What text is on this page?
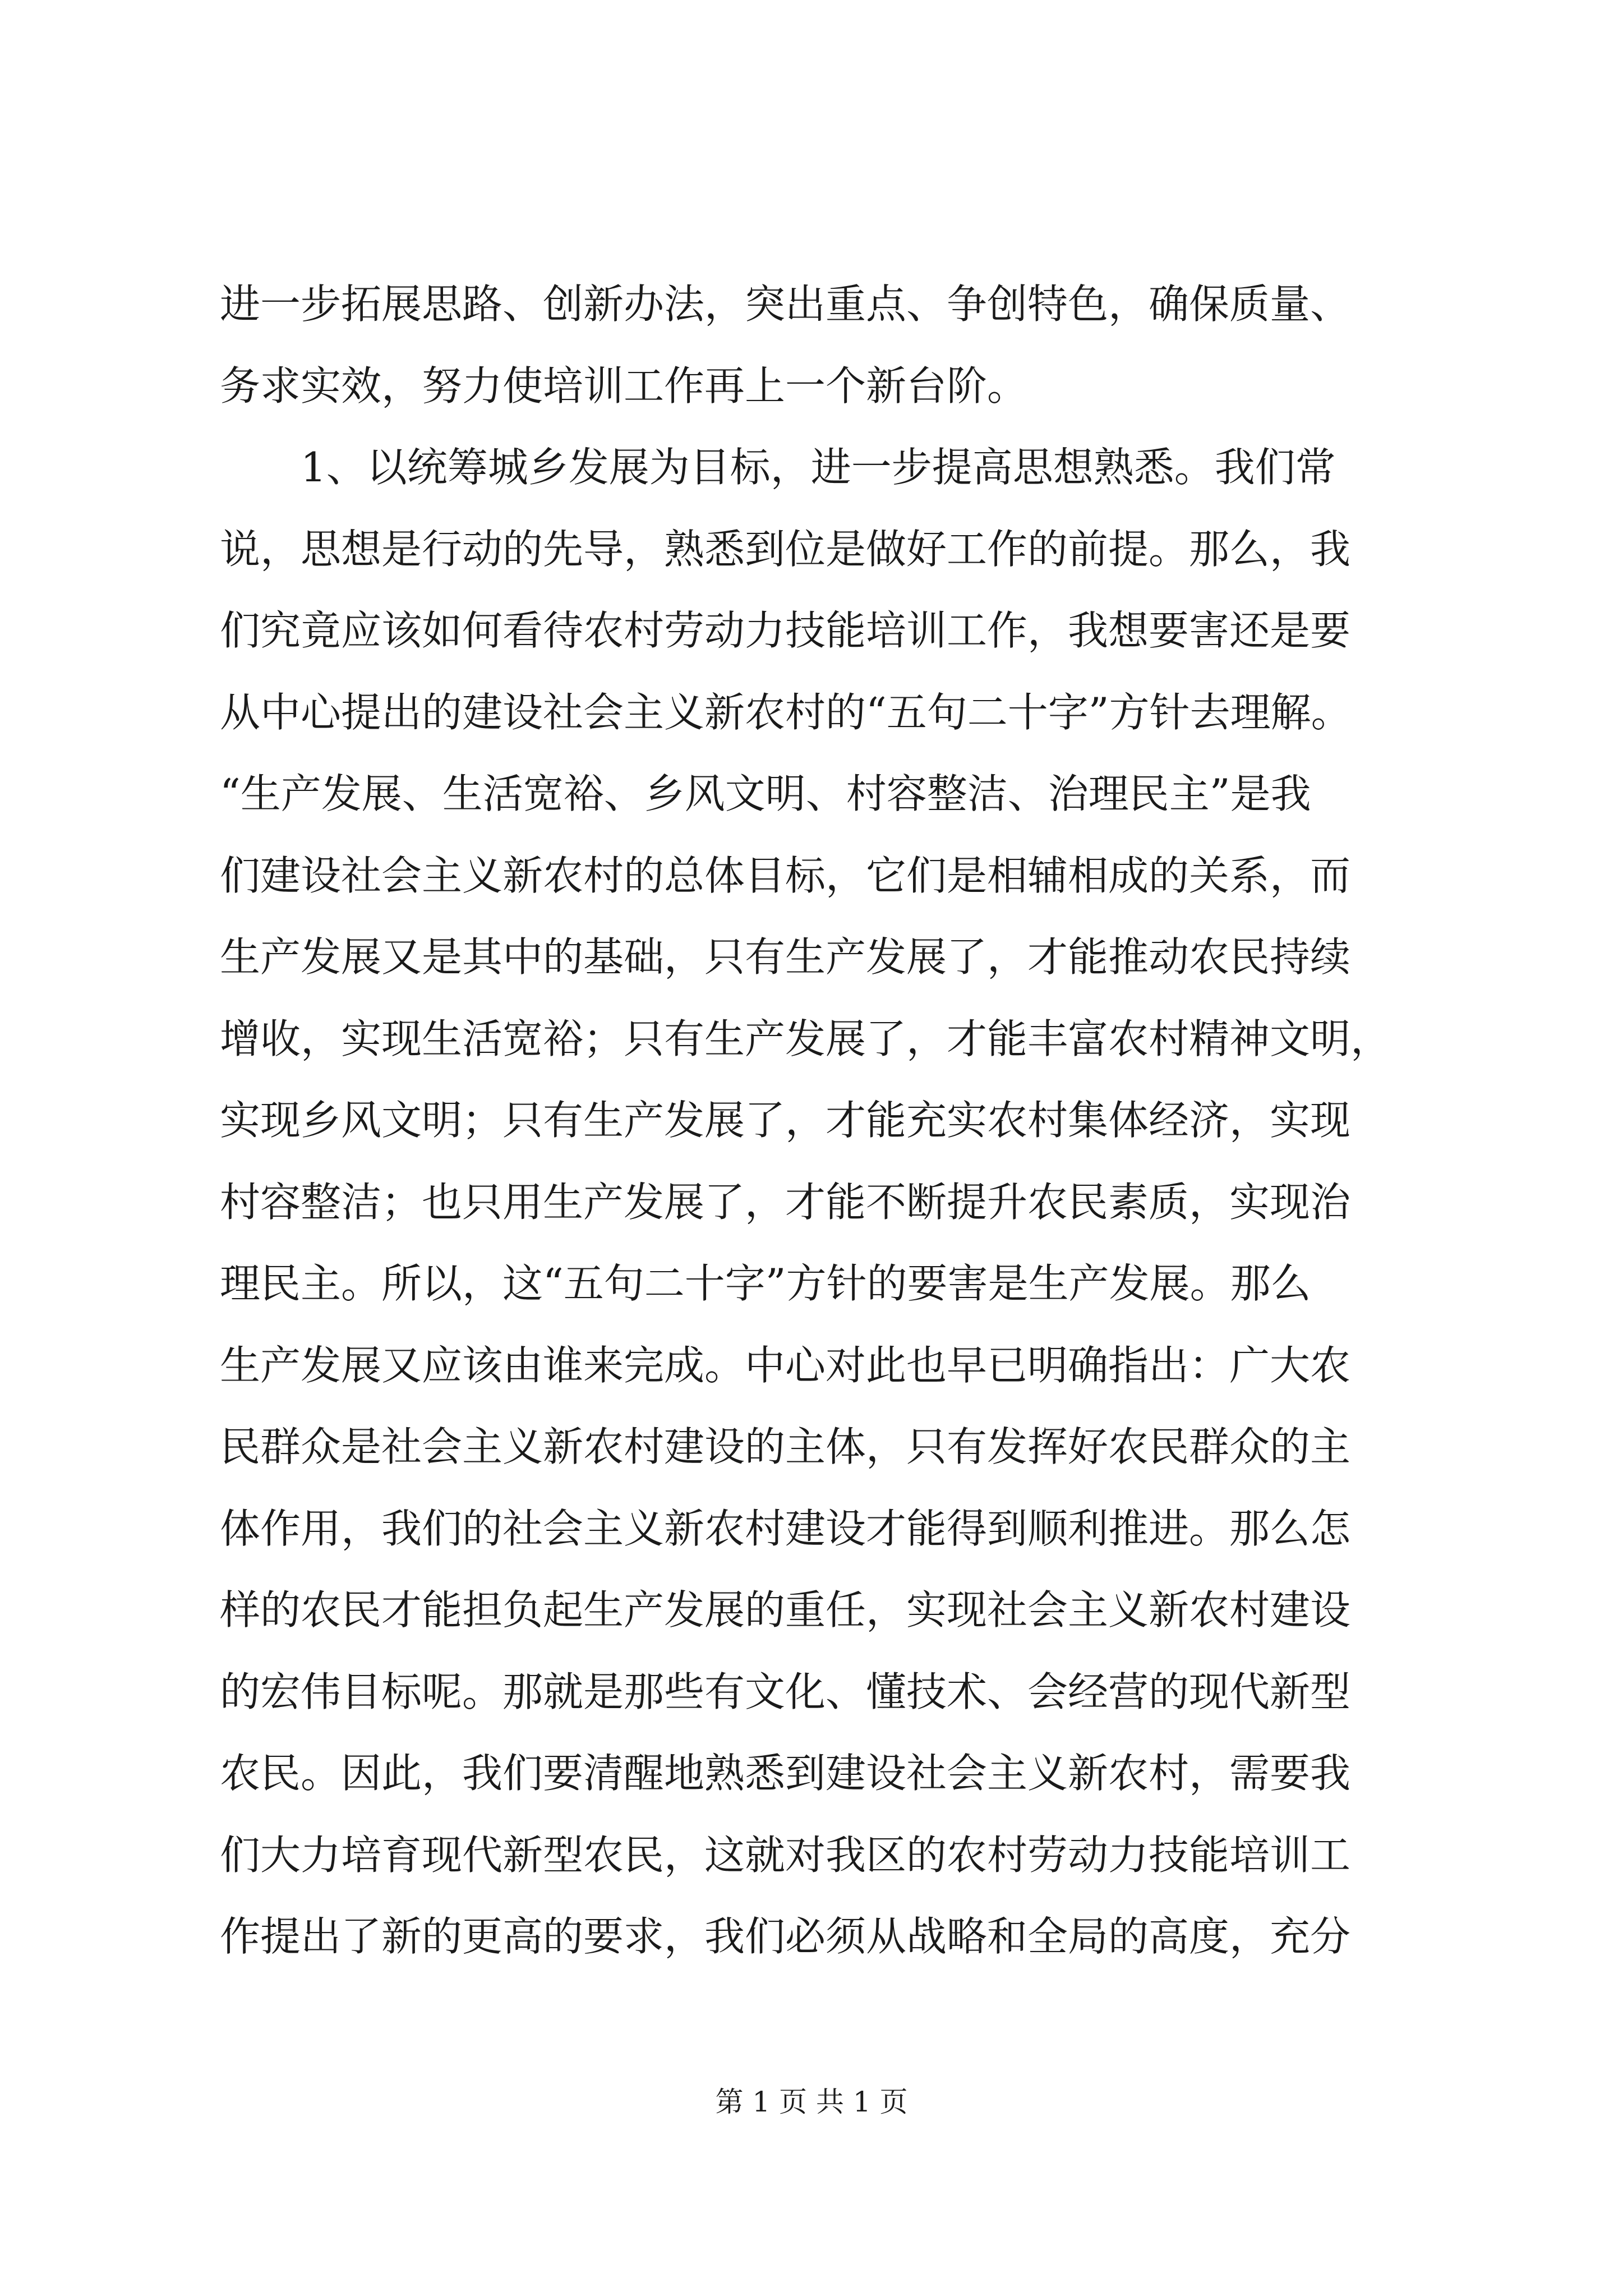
进一步拓展思路、创新办法，突出重点、争创特色，确保质量、
务求实效，努力使培训工作再上一个新台阶。
1、以统筹城乡发展为目标，进一步提高思想熟悉。我们常
说，思想是行动的先导，熟悉到位是做好工作的前提。那么，我
们究竟应该如何看待农村劳动力技能培训工作，我想要害还是要
从中心提出的建设社会主义新农村的“五句二十字”方针去理解。
“生产发展、生活宽裕、乡风文明、村容整洁、治理民主”是我
们建设社会主义新农村的总体目标，它们是相辅相成的关系，而
生产发展又是其中的基础，只有生产发展了，才能推动农民持续
增收，实现生活宽裕；只有生产发展了，才能丰富农村精神文明，
实现乡风文明；只有生产发展了，才能充实农村集体经济，实现
村容整洁；也只用生产发展了，才能不断提升农民素质，实现治
理民主。所以，这“五句二十字”方针的要害是生产发展。那么
生产发展又应该由谁来完成。中心对此也早已明确指出：广大农
民群众是社会主义新农村建设的主体，只有发挥好农民群众的主
体作用，我们的社会主义新农村建设才能得到顺利推进。那么怎
样的农民才能担负起生产发展的重任，实现社会主义新农村建设
的宏伟目标呢。那就是那些有文化、懂技术、会经营的现代新型
农民。因此，我们要清醒地熟悉到建设社会主义新农村，需要我
们大力培育现代新型农民，这就对我区的农村劳动力技能培训工
作提出了新的更高的要求，我们必须从战略和全局的高度，充分
第 1 页 共 1 页
